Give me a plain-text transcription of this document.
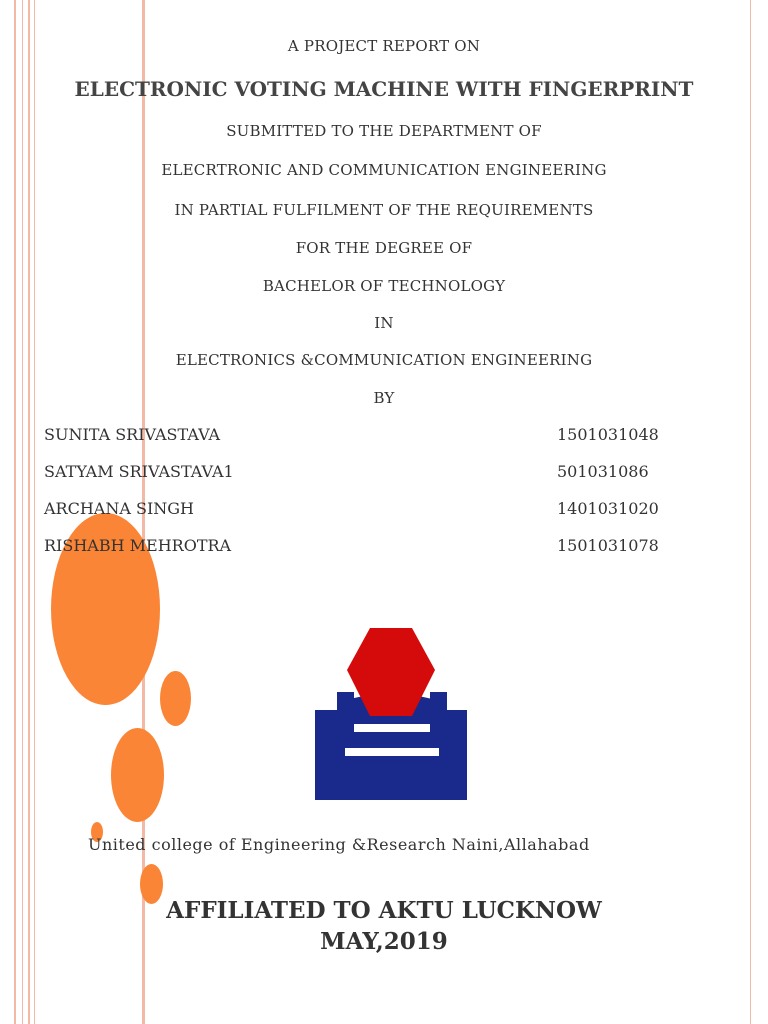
A PROJECT REPORT ON
ELECTRONIC VOTING MACHINE WITH FINGERPRINT
SUBMITTED TO THE DEPARTMENT OF
ELECRTRONIC AND COMMUNICATION ENGINEERING
IN PARTIAL FULFILMENT OF THE REQUIREMENTS
FOR THE DEGREE OF
BACHELOR OF TECHNOLOGY
IN
ELECTRONICS &COMMUNICATION ENGINEERING
BY
SUNITA SRIVASTAVA	1501031048
SATYAM SRIVASTAVA1	501031086
ARCHANA SINGH	1401031020
RISHABH MEHROTRA	1501031078
United college of Engineering &Research Naini,Allahabad
AFFILIATED TO AKTU LUCKNOW
MAY,2019
